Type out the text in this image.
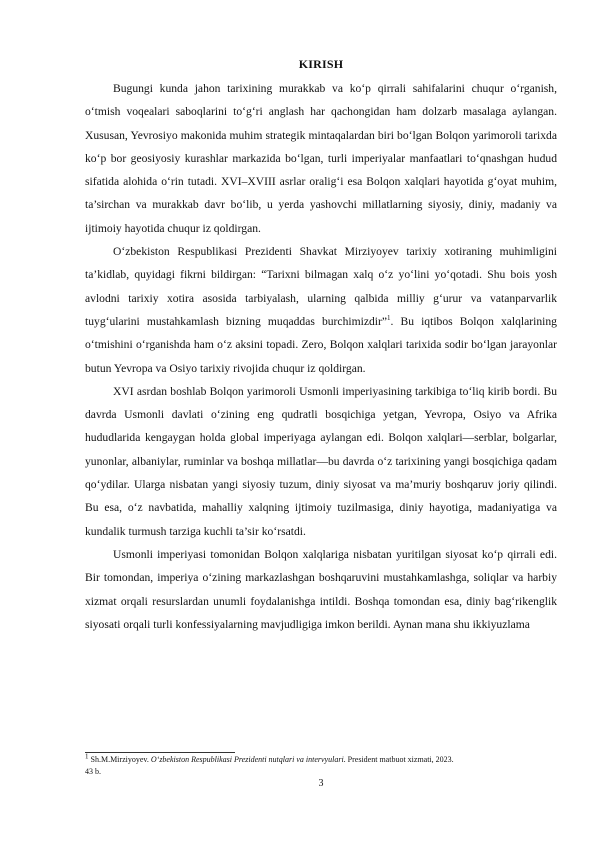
KIRISH

Bugungi kunda jahon tarixining murakkab va ko‘p qirrali sahifalarini chuqur o‘rganish, o‘tmish voqealari saboqlarini to‘g‘ri anglash har qachongidan ham dolzarb masalaga aylangan. Xususan, Yevrosiyo makonida muhim strategik mintaqalardan biri bo‘lgan Bolqon yarimoroli tarixda ko‘p bor geosiyosiy kurashlar markazida bo‘lgan, turli imperiyalar manfaatlari to‘qnashgan hudud sifatida alohida o‘rin tutadi. XVI–XVIII asrlar oralig‘i esa Bolqon xalqlari hayotida g‘oyat muhim, ta’sirchan va murakkab davr bo‘lib, u yerda yashovchi millatlarning siyosiy, diniy, madaniy va ijtimoiy hayotida chuqur iz qoldirgan.

O‘zbekiston Respublikasi Prezidenti Shavkat Mirziyoyev tarixiy xotiraning muhimligini ta’kidlab, quyidagi fikrni bildirgan: “Tarixni bilmagan xalq o‘z yo‘lini yo‘qotadi. Shu bois yosh avlodni tarixiy xotira asosida tarbiyalash, ularning qalbida milliy g‘urur va vatanparvarlik tuyg‘ularini mustahkamlash bizning muqaddas burchimizdir”$^1$. Bu iqtibos Bolqon xalqlarining o‘tmishini o‘rganishda ham o‘z aksini topadi. Zero, Bolqon xalqlari tarixida sodir bo‘lgan jarayonlar butun Yevropa va Osiyo tarixiy rivojida chuqur iz qoldirgan.

XVI asrdan boshlab Bolqon yarimoroli Usmonli imperiyasining tarkibiga to‘liq kirib bordi. Bu davrda Usmonli davlati o‘zining eng qudratli bosqichiga yetgan, Yevropa, Osiyo va Afrika hududlarida kengaygan holda global imperiyaga aylangan edi. Bolqon xalqlari—serblar, bolgarlar, yunonlar, albaniylar, ruminlar va boshqa millatlar—bu davrda o‘z tarixining yangi bosqichiga qadam qo‘ydilar. Ularga nisbatan yangi siyosiy tuzum, diniy siyosat va ma’muriy boshqaruv joriy qilindi. Bu esa, o‘z navbatida, mahalliy xalqning ijtimoiy tuzilmasiga, diniy hayotiga, madaniyatiga va kundalik turmush tarziga kuchli ta’sir ko‘rsatdi.

Usmonli imperiyasi tomonidan Bolqon xalqlariga nisbatan yuritilgan siyosat ko‘p qirrali edi. Bir tomondan, imperiya o‘zining markazlashgan boshqaruvini mustahkamlashga, soliqlar va harbiy xizmat orqali resurslardan unumli foydalanishga intildi. Boshqa tomondan esa, diniy bag‘rikenglik siyosati orqali turli konfessiyalarning mavjudligiga imkon berildi. Aynan mana shu ikkiyuzlama

$^1$ Sh.M.Mirziyoyev. O‘zbekiston Respublikasi Prezidenti nutqlari va intervyulari. President matbuot xizmati, 2023.
43 b.
3
